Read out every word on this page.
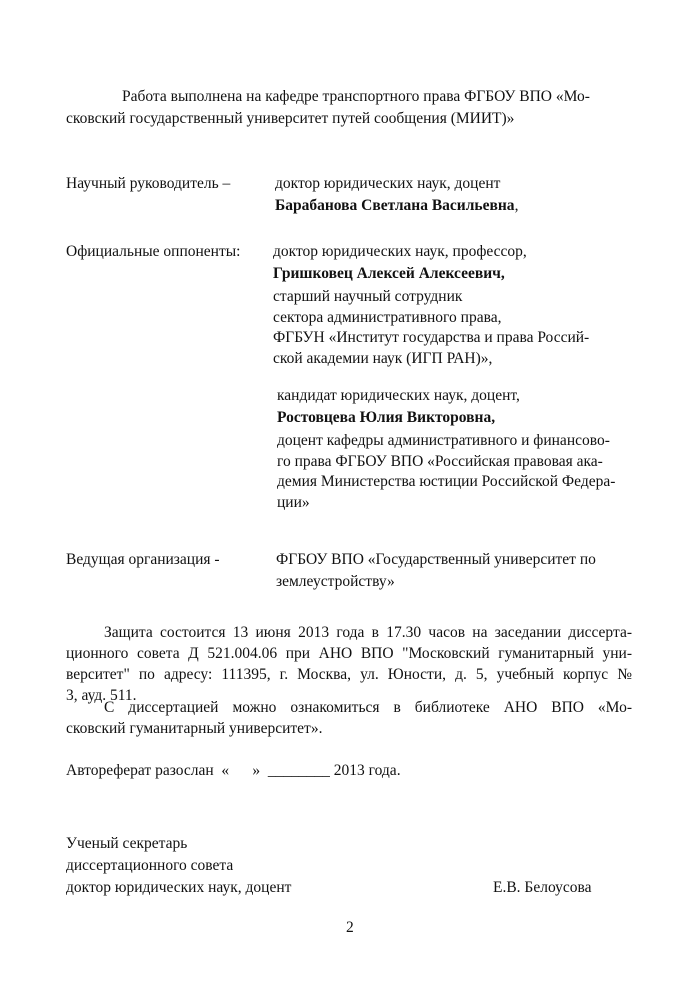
Работа выполнена на кафедре транспортного права ФГБОУ ВПО «Мо-
сковский государственный университет путей сообщения (МИИТ)»
Научный руководитель –	доктор юридических наук, доцент
Барабанова Светлана Васильевна,
Официальные оппоненты: доктор юридических наук, профессор,
Гришковец Алексей Алексеевич,
старший научный сотрудник
сектора административного права,
ФГБУН «Институт государства и права Россий-
ской академии наук (ИГП РАН)»,
кандидат юридических наук, доцент,
Ростовцева Юлия Викторовна,
доцент кафедры административного и финансово-
го права ФГБОУ ВПО «Российская правовая ака-
демия Министерства юстиции Российской Федера-
ции»
Ведущая организация -	ФГБОУ ВПО «Государственный университет по
землеустройству»
Защита состоится 13 июня 2013 года в 17.30 часов на заседании диссерта-
ционного совета Д 521.004.06 при АНО ВПО "Московский гуманитарный уни-
верситет" по адресу: 111395, г. Москва, ул. Юности, д. 5, учебный корпус №
3, ауд. 511.
С диссертацией можно ознакомиться в библиотеке АНО ВПО «Мо-
сковский гуманитарный университет».
Автореферат разослан  «      »  ________ 2013 года.
Ученый секретарь
диссертационного совета
доктор юридических наук, доцент	Е.В. Белоусова
2
